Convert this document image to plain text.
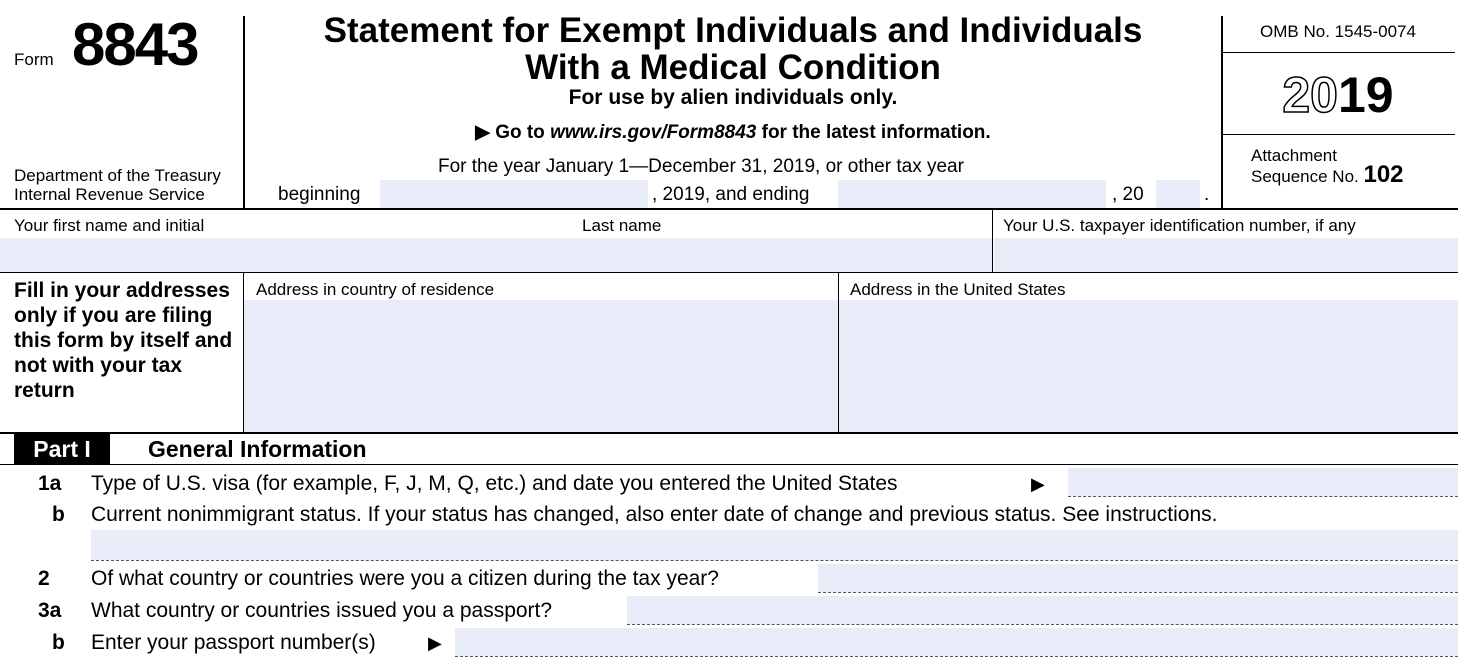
Form 8843
Department of the Treasury
Internal Revenue Service
Statement for Exempt Individuals and Individuals
With a Medical Condition
For use by alien individuals only.
▶ Go to www.irs.gov/Form8843 for the latest information.
For the year January 1—December 31, 2019, or other tax year
beginning	, 2019, and ending	, 20	.
OMB No. 1545-0074
2019
Attachment
Sequence No. 102
Your first name and initial	Last name	Your U.S. taxpayer identification number, if any
Fill in your addresses only if you are filing this form by itself and not with your tax return
Address in country of residence	Address in the United States
Part I	General Information
1a Type of U.S. visa (for example, F, J, M, Q, etc.) and date you entered the United States	▶
b Current nonimmigrant status. If your status has changed, also enter date of change and previous status. See instructions.
2 Of what country or countries were you a citizen during the tax year?
3a What country or countries issued you a passport?
b Enter your passport number(s)	▶
